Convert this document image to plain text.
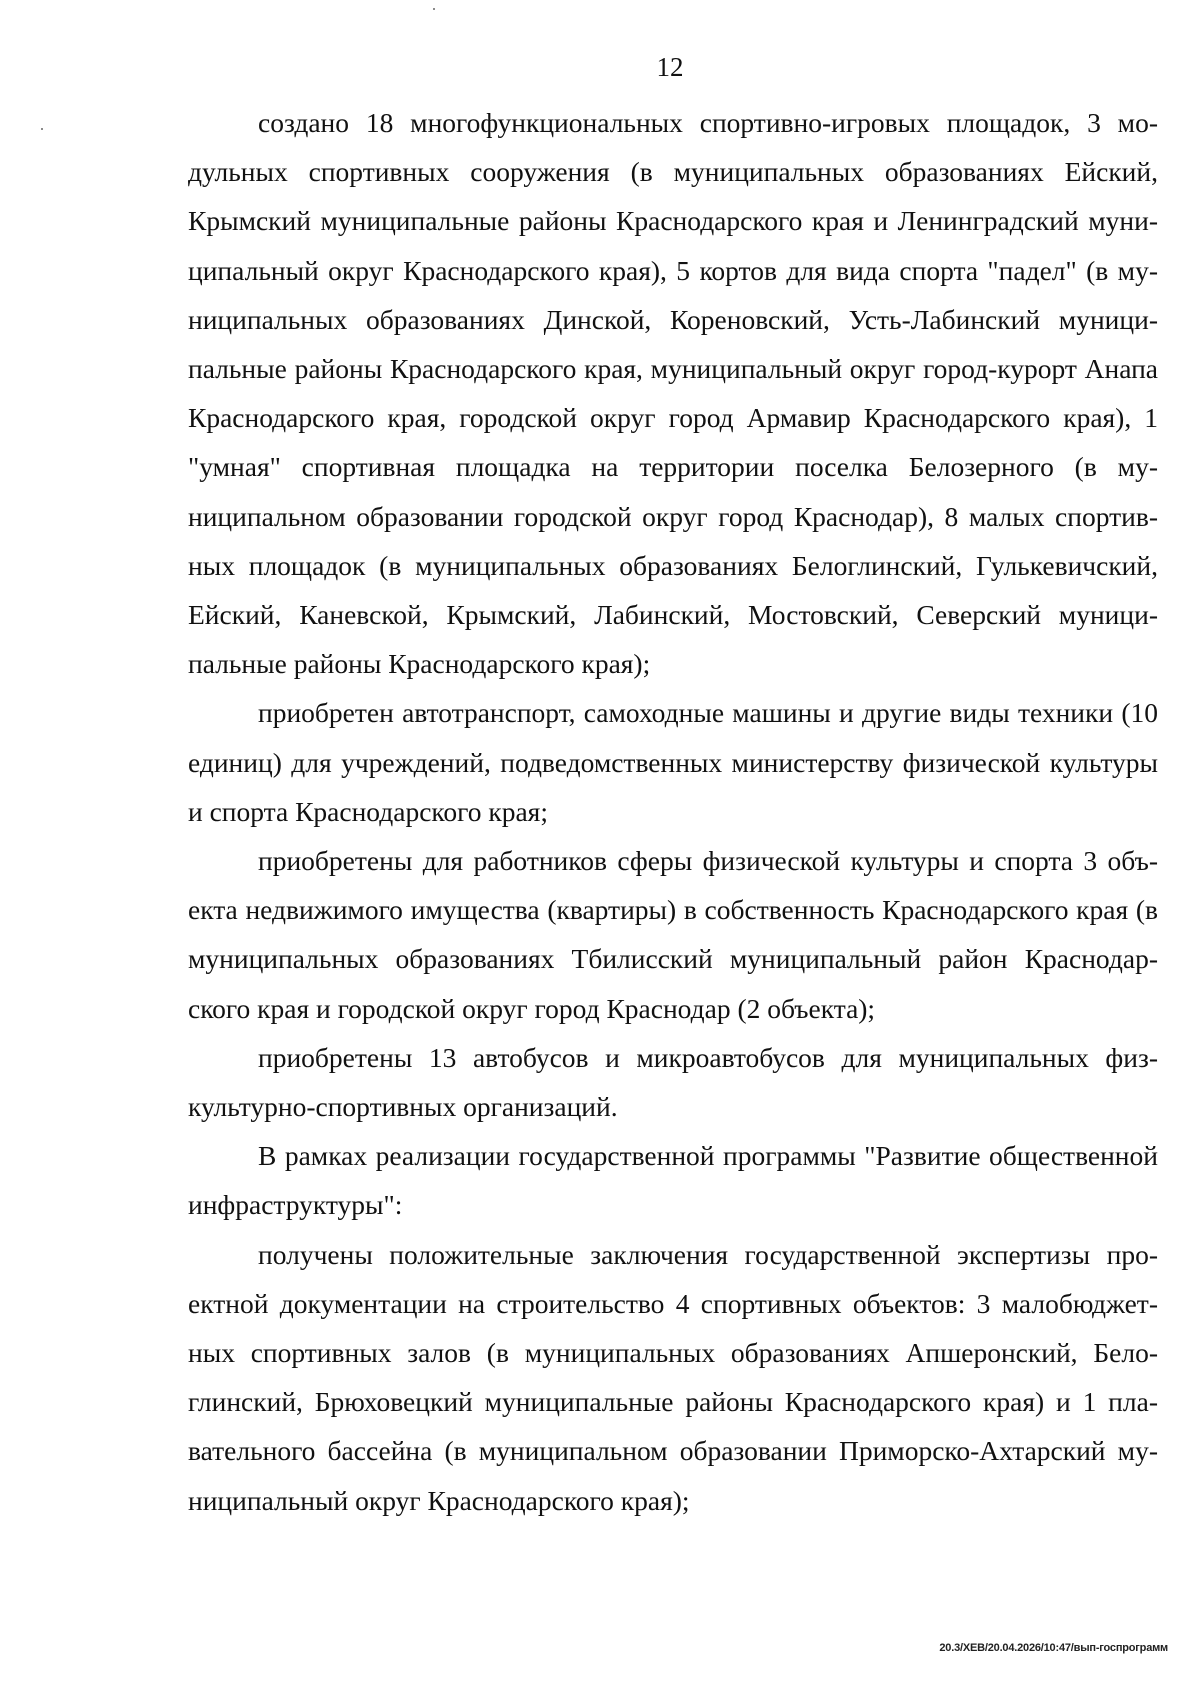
12

создано 18 многофункциональных спортивно-игровых площадок, 3 модульных спортивных сооружения (в муниципальных образованиях Ейский, Крымский муниципальные районы Краснодарского края и Ленинградский муниципальный округ Краснодарского края), 5 кортов для вида спорта "падел" (в муниципальных образованиях Динской, Кореновский, Усть-Лабинский муниципальные районы Краснодарского края, муниципальный округ город-курорт Анапа Краснодарского края, городской округ город Армавир Краснодарского края), 1 "умная" спортивная площадка на территории поселка Белозерного (в муниципальном образовании городской округ город Краснодар), 8 малых спортивных площадок (в муниципальных образованиях Белоглинский, Гулькевичский, Ейский, Каневской, Крымский, Лабинский, Мостовский, Северский муниципальные районы Краснодарского края);

приобретен автотранспорт, самоходные машины и другие виды техники (10 единиц) для учреждений, подведомственных министерству физической культуры и спорта Краснодарского края;

приобретены для работников сферы физической культуры и спорта 3 объекта недвижимого имущества (квартиры) в собственность Краснодарского края (в муниципальных образованиях Тбилисский муниципальный район Краснодарского края и городской округ город Краснодар (2 объекта);

приобретены 13 автобусов и микроавтобусов для муниципальных физкультурно-спортивных организаций.

В рамках реализации государственной программы "Развитие общественной инфраструктуры":

получены положительные заключения государственной экспертизы проектной документации на строительство 4 спортивных объектов: 3 малобюджетных спортивных залов (в муниципальных образованиях Апшеронский, Белоглинский, Брюховецкий муниципальные районы Краснодарского края) и 1 плавательного бассейна (в муниципальном образовании Приморско-Ахтарский муниципальный округ Краснодарского края);

20.3/ХЕВ/20.04.2026/10:47/вып-госпрограмм
